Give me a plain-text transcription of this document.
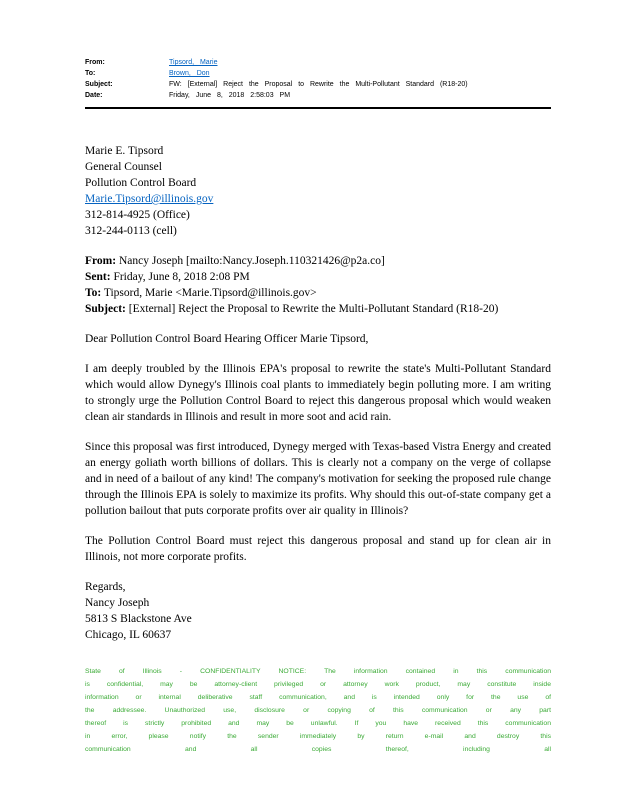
From:	Tipsord, Marie
To:	Brown, Don
Subject:	FW: [External] Reject the Proposal to Rewrite the Multi-Pollutant Standard (R18-20)
Date:	Friday, June 8, 2018 2:58:03 PM
Marie E. Tipsord
General Counsel
Pollution Control Board
Marie.Tipsord@illinois.gov
312-814-4925 (Office)
312-244-0113 (cell)
From: Nancy Joseph [mailto:Nancy.Joseph.110321426@p2a.co]
Sent: Friday, June 8, 2018 2:08 PM
To: Tipsord, Marie <Marie.Tipsord@illinois.gov>
Subject: [External] Reject the Proposal to Rewrite the Multi-Pollutant Standard (R18-20)
Dear Pollution Control Board Hearing Officer Marie Tipsord,
I am deeply troubled by the Illinois EPA's proposal to rewrite the state's Multi-Pollutant Standard which would allow Dynegy's Illinois coal plants to immediately begin polluting more. I am writing to strongly urge the Pollution Control Board to reject this dangerous proposal which would weaken clean air standards in Illinois and result in more soot and acid rain.
Since this proposal was first introduced, Dynegy merged with Texas-based Vistra Energy and created an energy goliath worth billions of dollars. This is clearly not a company on the verge of collapse and in need of a bailout of any kind! The company's motivation for seeking the proposed rule change through the Illinois EPA is solely to maximize its profits. Why should this out-of-state company get a pollution bailout that puts corporate profits over air quality in Illinois?
The Pollution Control Board must reject this dangerous proposal and stand up for clean air in Illinois, not more corporate profits.
Regards,
Nancy Joseph
5813 S Blackstone Ave
Chicago, IL 60637
State of Illinois - CONFIDENTIALITY NOTICE: The information contained in this communication is confidential, may be attorney-client privileged or attorney work product, may constitute inside information or internal deliberative staff communication, and is intended only for the use of the addressee. Unauthorized use, disclosure or copying of this communication or any part thereof is strictly prohibited and may be unlawful. If you have received this communication in error, please notify the sender immediately by return e-mail and destroy this communication and all copies thereof, including all
